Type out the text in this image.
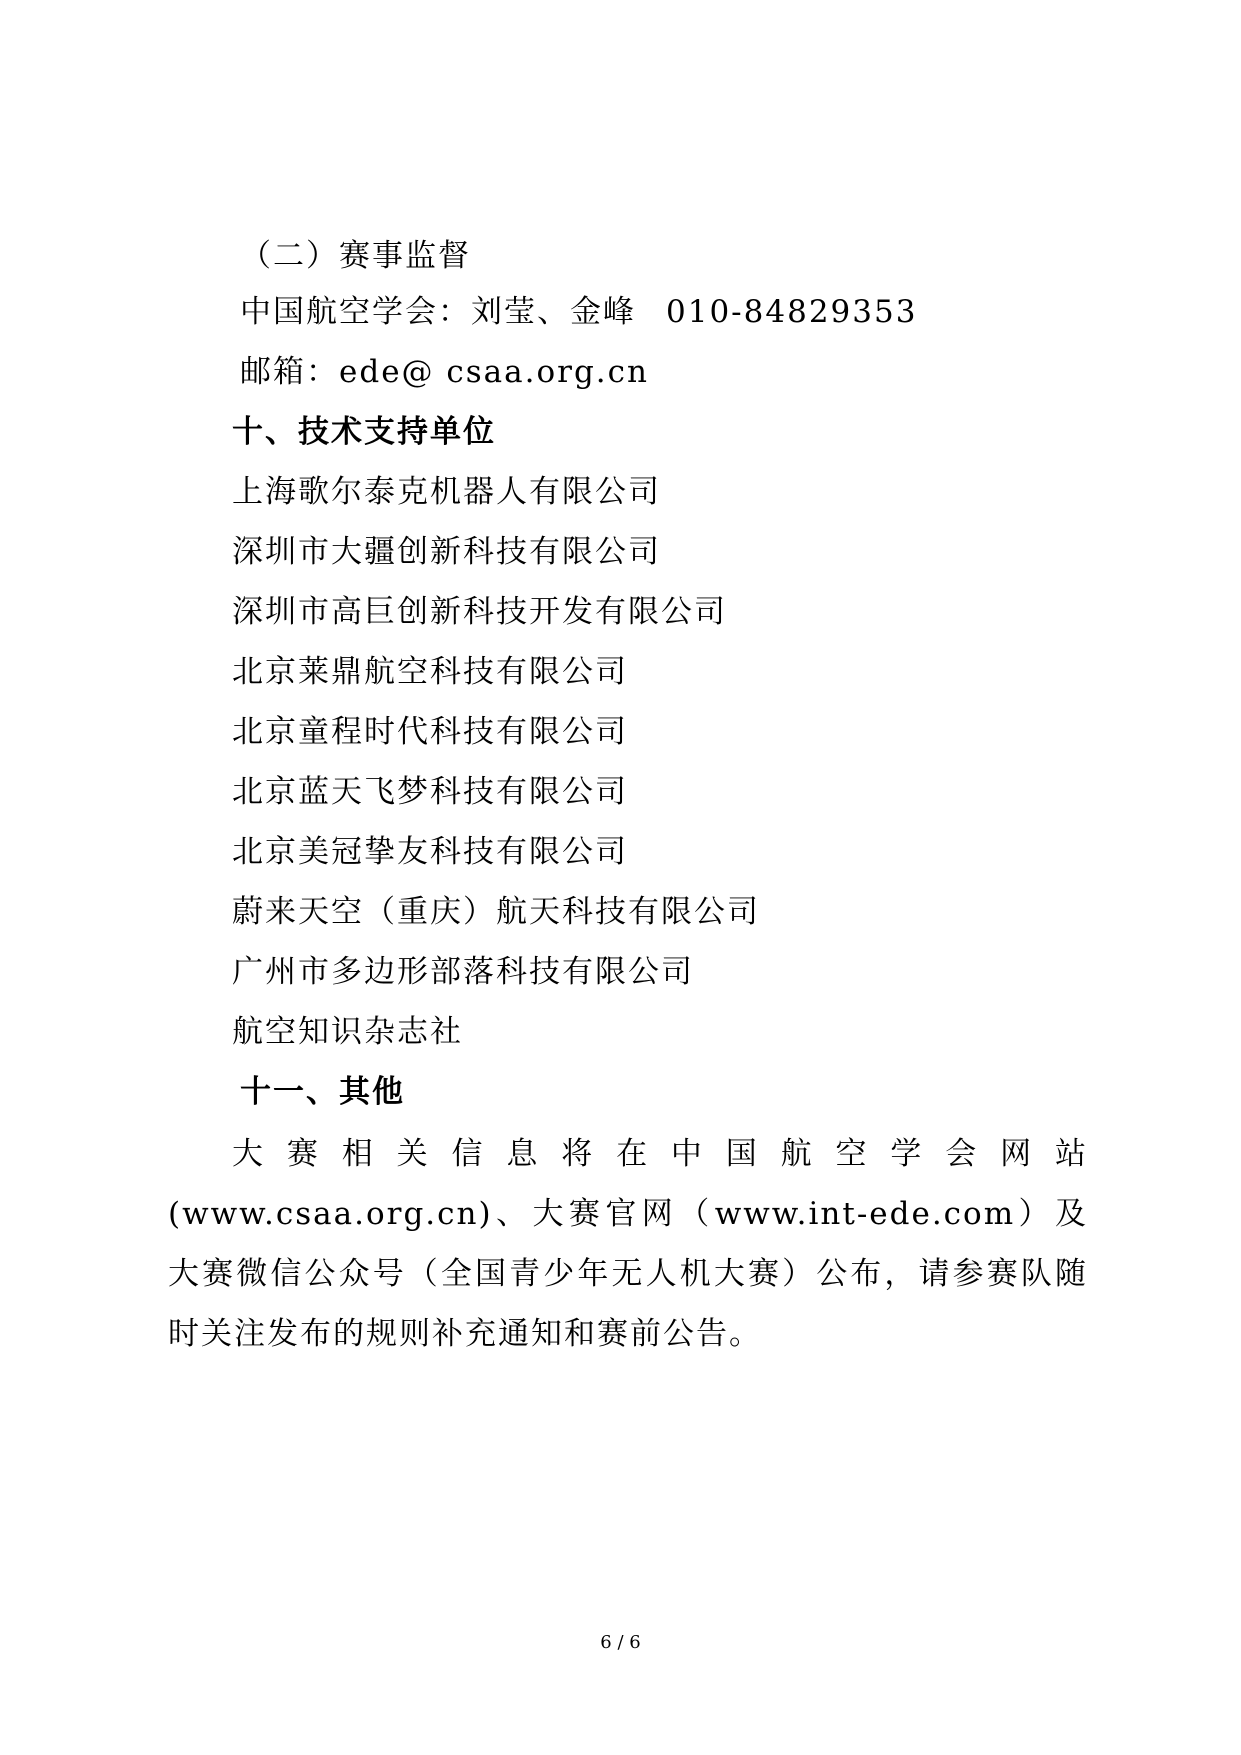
（二）赛事监督
中国航空学会：刘莹、金峰 010-84829353
邮箱：ede@ csaa.org.cn
十、技术支持单位
上海歌尔泰克机器人有限公司
深圳市大疆创新科技有限公司
深圳市高巨创新科技开发有限公司
北京莱鼎航空科技有限公司
北京童程时代科技有限公司
北京蓝天飞梦科技有限公司
北京美冠挚友科技有限公司
蔚来天空（重庆）航天科技有限公司
广州市多边形部落科技有限公司
航空知识杂志社
十一、其他
大赛相关信息将在中国航空学会网站(www.csaa.org.cn)、大赛官网（www.int-ede.com）及大赛微信公众号（全国青少年无人机大赛）公布，请参赛队随时关注发布的规则补充通知和赛前公告。
6 / 6
